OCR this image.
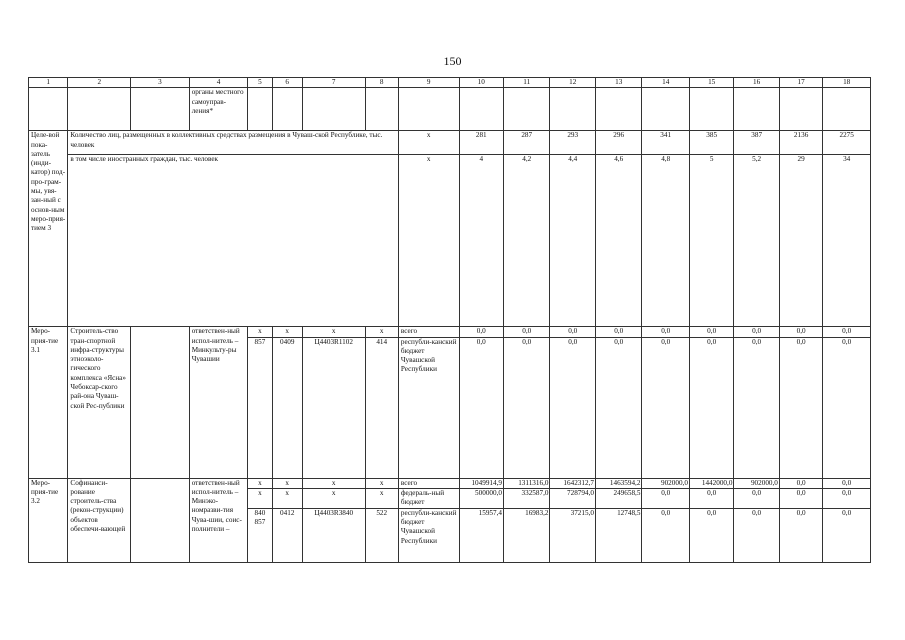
150
1	2	3	4	5	6	7	8	9	10	11	12	13	14	15	16	17	18
			органы местного самоуправ-ления*														
Целе-вой пока-затель (инди-катор) под-про-грам-мы, увя-зан-ный с основ-ным меро-прия-тием 3	Количество лиц, размещенных в коллективных средствах размещения в Чуваш-ской Республике, тыс. человек							x	281	287	293	296	341	385	387	2136	2275
	в том числе иностранных граждан, тыс. человек							x	4	4,2	4,4	4,6	4,8	5	5,2	29	34
Меро-прия-тие 3.1	Строитель-ство тран-спортной инфра-структуры этноэколо-гического комплекса «Ясна» Чебоксар-ского рай-она Чуваш-ской Рес-публики		ответствен-ный испол-нитель – Минкульту-ры Чувашии	x	x	x	x	всего	0,0	0,0	0,0	0,0	0,0	0,0	0,0	0,0	0,0
				857	0409	Ц4403R1102	414	республи-канский бюджет Чувашской Республики	0,0	0,0	0,0	0,0	0,0	0,0	0,0	0,0	0,0
Меро-прия-тие 3.2	Софинанси-рование строитель-ства (рекон-струкции) объектов обеспечи-вающей		ответствен-ный испол-нитель – Минэко-номразви-тия Чува-шии, соис-полнители –	x	x	x	x	всего	1049914,9	1311316,0	1642312,7	1463594,2	902000,0	1442000,0	902000,0	0,0	0,0
				x	x	x	x	федераль-ный бюджет	500000,0	332587,0	728794,0	249658,5	0,0	0,0	0,0	0,0	0,0
				840 857	0412	Ц4403R3840	522	республи-канский бюджет Чувашской Республики	15957,4	16983,2	37215,0	12748,5	0,0	0,0	0,0	0,0	0,0
